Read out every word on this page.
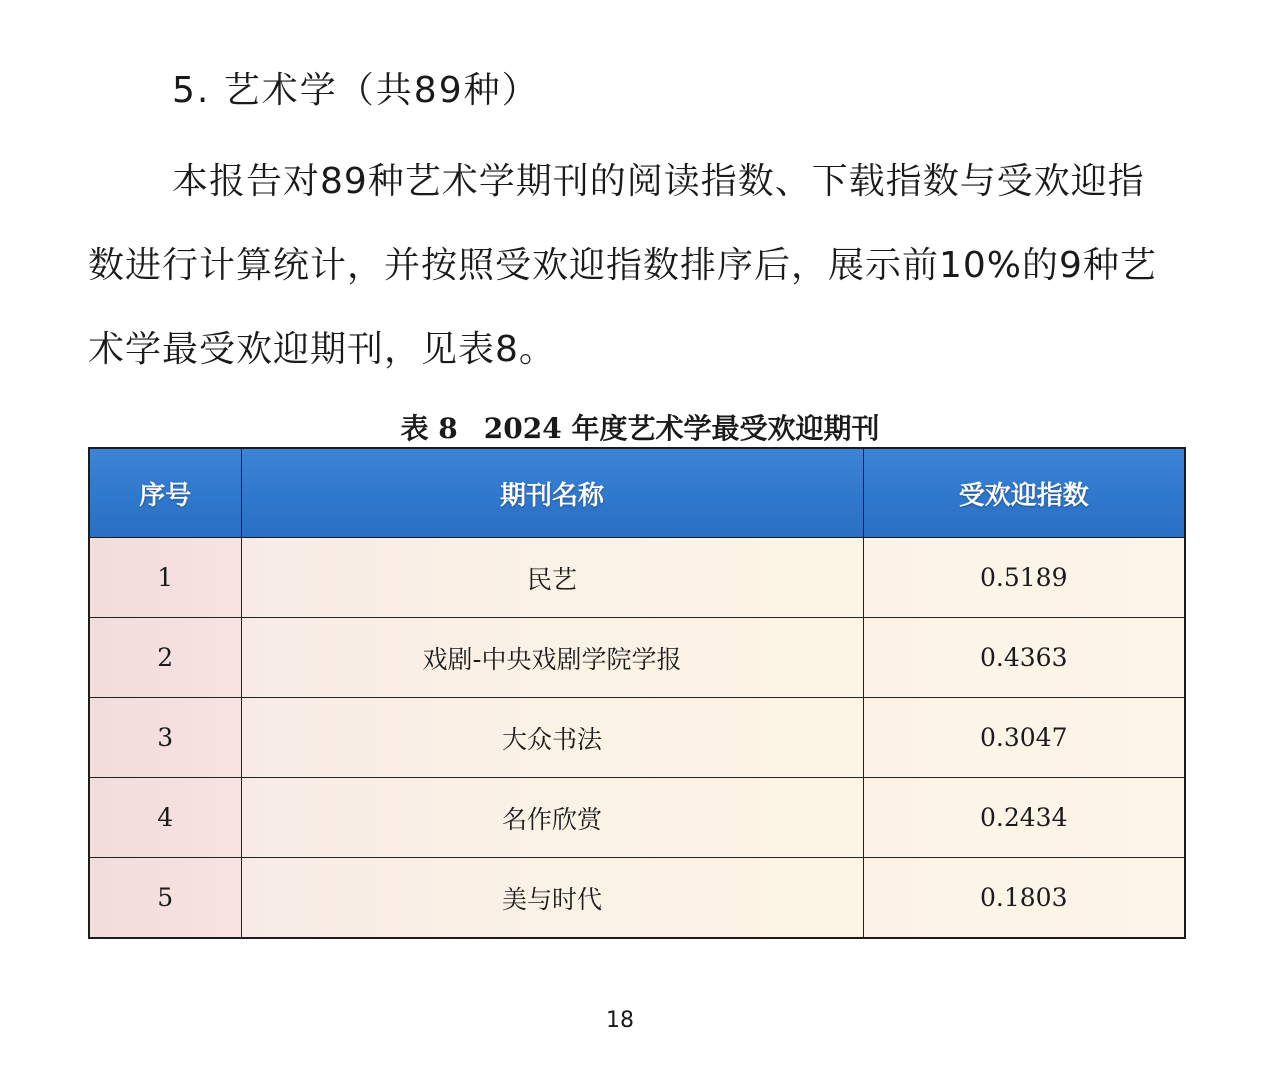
5. 艺术学（共89种）

本报告对89种艺术学期刊的阅读指数、下载指数与受欢迎指

数进行计算统计，并按照受欢迎指数排序后，展示前10%的9种艺

术学最受欢迎期刊，见表8。

表 8 2024 年度艺术学最受欢迎期刊
序号	期刊名称	受欢迎指数
1	民艺	0.5189
2	戏剧-中央戏剧学院学报	0.4363
3	大众书法	0.3047
4	名作欣赏	0.2434
5	美与时代	0.1803
18
